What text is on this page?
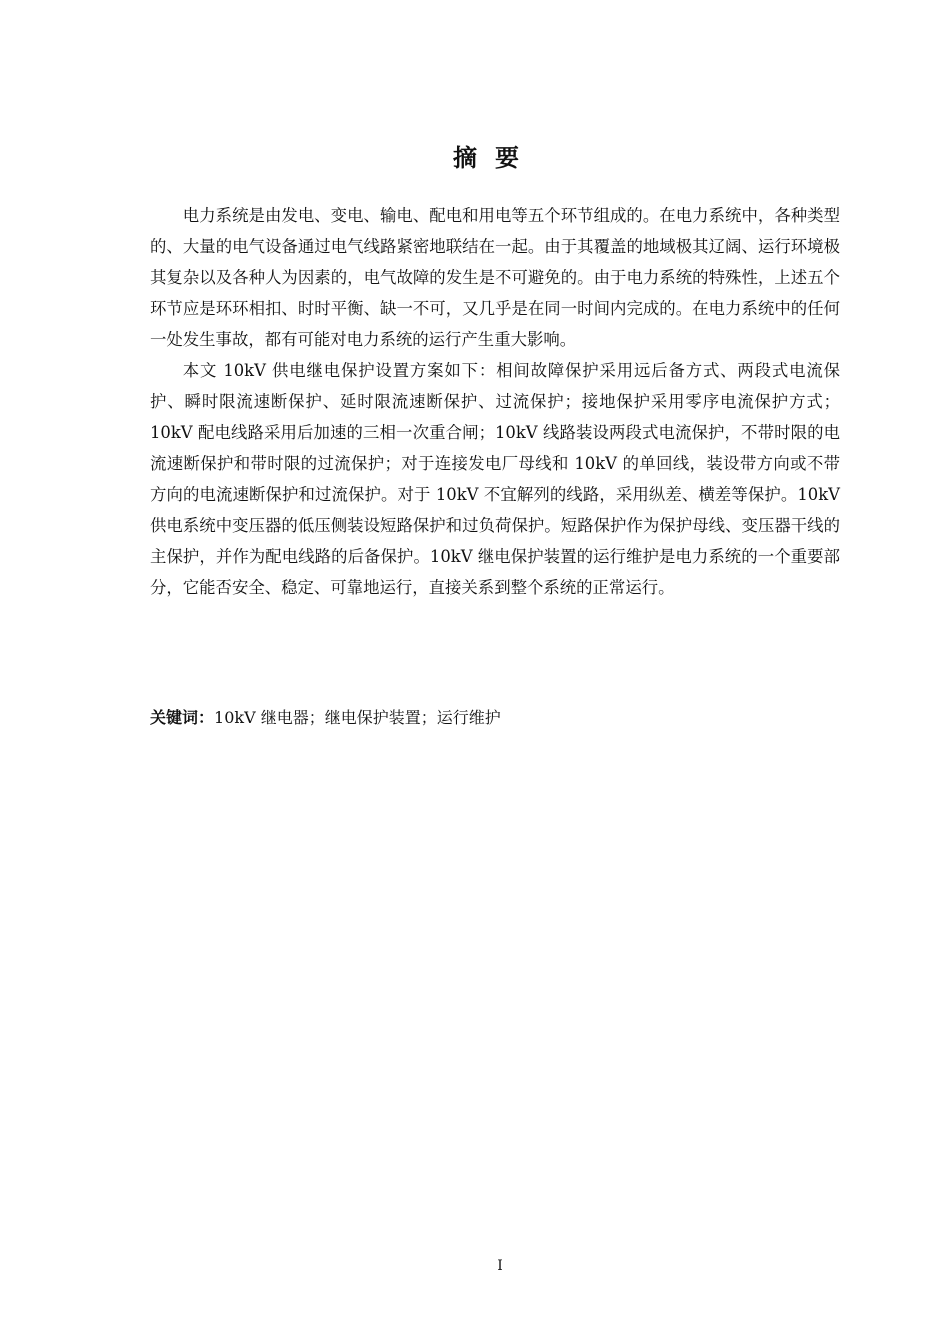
摘要

电力系统是由发电、变电、输电、配电和用电等五个环节组成的。在电力系统中，各种类型的、大量的电气设备通过电气线路紧密地联结在一起。由于其覆盖的地域极其辽阔、运行环境极其复杂以及各种人为因素的，电气故障的发生是不可避免的。由于电力系统的特殊性，上述五个环节应是环环相扣、时时平衡、缺一不可，又几乎是在同一时间内完成的。在电力系统中的任何一处发生事故，都有可能对电力系统的运行产生重大影响。

本文 10kV 供电继电保护设置方案如下：相间故障保护采用远后备方式、两段式电流保护、瞬时限流速断保护、延时限流速断保护、过流保护；接地保护采用零序电流保护方式；10kV 配电线路采用后加速的三相一次重合闸；10kV 线路装设两段式电流保护，不带时限的电流速断保护和带时限的过流保护；对于连接发电厂母线和 10kV 的单回线，装设带方向或不带方向的电流速断保护和过流保护。对于 10kV 不宜解列的线路，采用纵差、横差等保护。10kV 供电系统中变压器的低压侧装设短路保护和过负荷保护。短路保护作为保护母线、变压器干线的主保护，并作为配电线路的后备保护。10kV 继电保护装置的运行维护是电力系统的一个重要部分，它能否安全、稳定、可靠地运行，直接关系到整个系统的正常运行。

关键词：10kV 继电器；继电保护装置；运行维护
I
